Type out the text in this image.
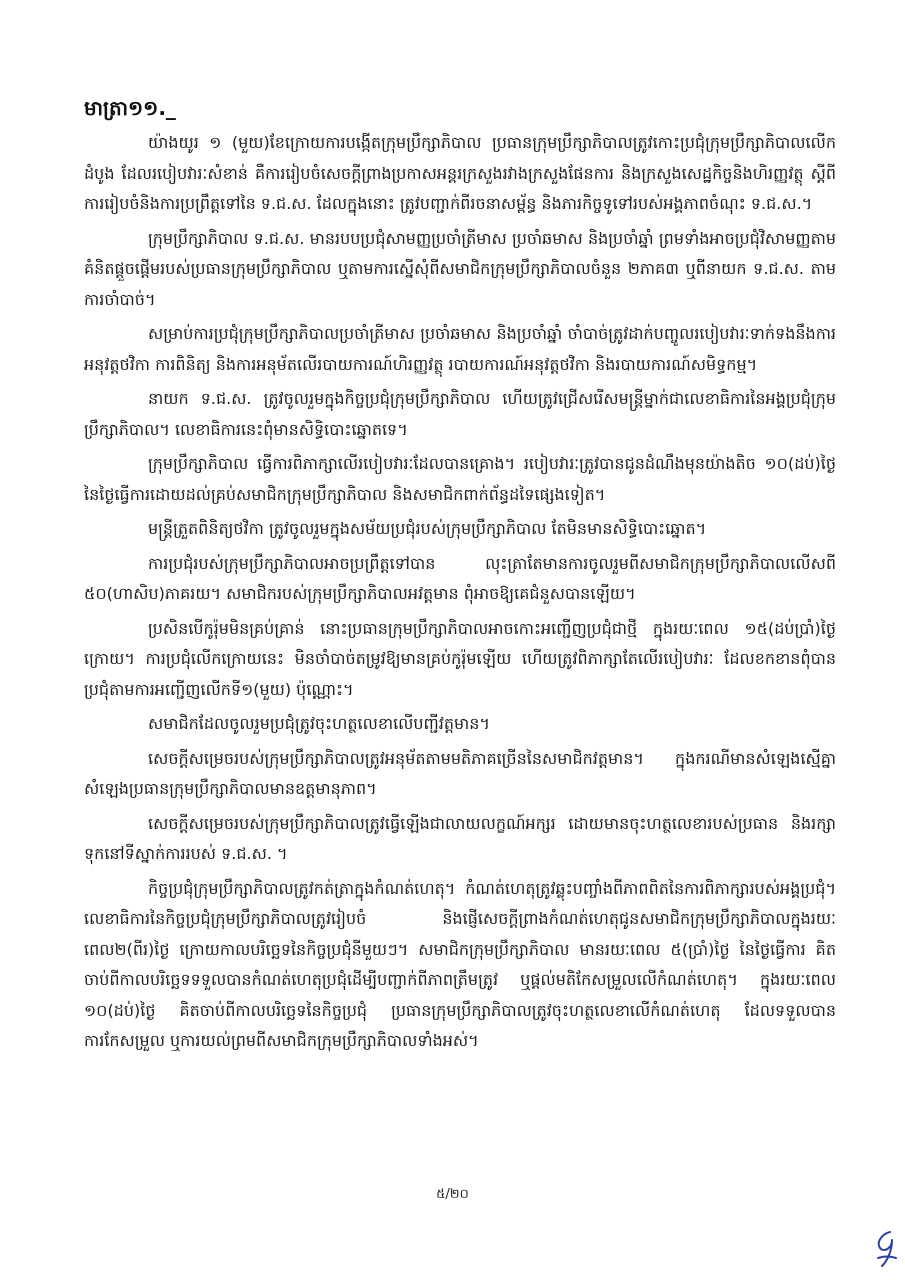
មាត្រា១១._

យ៉ាងយូរ ១ (មួយ)ខែក្រោយការបង្កើតក្រុមប្រឹក្សាភិបាល ប្រធានក្រុមប្រឹក្សាភិបាលត្រូវកោះប្រជុំក្រុមប្រឹក្សាភិបាលលើកដំបូង ដែលរបៀបវារៈសំខាន់ គឺការរៀបចំសេចក្តីព្រាងប្រកាសអន្តរក្រសួងរវាងក្រសួងផែនការ និងក្រសួងសេដ្ឋកិច្ចនិងហិរញ្ញវត្ថុ ស្តីពីការរៀបចំនិងការប្រព្រឹត្តទៅនៃ ទ.ជ.ស. ដែលក្នុងនោះ ត្រូវបញ្ជាក់ពីរចនាសម្ព័ន្ធ និងភារកិច្ចទូទៅរបស់អង្គភាពចំណុះ ទ.ជ.ស.។

ក្រុមប្រឹក្សាភិបាល ទ.ជ.ស. មានរបបប្រជុំសាមញ្ញប្រចាំត្រីមាស ប្រចាំឆមាស និងប្រចាំឆ្នាំ ព្រមទាំងអាចប្រជុំវិសាមញ្ញតាមគំនិតផ្តួចផ្តើមរបស់ប្រធានក្រុមប្រឹក្សាភិបាល ឬតាមការស្នើសុំពីសមាជិកក្រុមប្រឹក្សាភិបាលចំនួន ២ភាគ៣ ឬពីនាយក ទ.ជ.ស. តាមការចាំបាច់។

សម្រាប់ការប្រជុំក្រុមប្រឹក្សាភិបាលប្រចាំត្រីមាស ប្រចាំឆមាស និងប្រចាំឆ្នាំ ចាំបាច់ត្រូវដាក់បញ្ចូលរបៀបវារៈទាក់ទងនឹងការអនុវត្តថវិកា ការពិនិត្យ និងការអនុម័តលើរបាយការណ៍ហិរញ្ញវត្ថុ របាយការណ៍អនុវត្តថវិកា និងរបាយការណ៍សមិទ្ធកម្ម។

នាយក ទ.ជ.ស. ត្រូវចូលរួមក្នុងកិច្ចប្រជុំក្រុមប្រឹក្សាភិបាល ហើយត្រូវជ្រើសរើសមន្ត្រីម្នាក់ជាលេខាធិការនៃអង្គប្រជុំក្រុមប្រឹក្សាភិបាល។ លេខាធិការនេះពុំមានសិទ្ធិបោះឆ្នោតទេ។

ក្រុមប្រឹក្សាភិបាល ធ្វើការពិភាក្សាលើរបៀបវារៈដែលបានគ្រោង។ របៀបវារៈត្រូវបានជូនដំណឹងមុនយ៉ាងតិច ១០(ដប់)ថ្ងៃ នៃថ្ងៃធ្វើការដោយដល់គ្រប់សមាជិកក្រុមប្រឹក្សាភិបាល និងសមាជិកពាក់ព័ន្ធដទៃផ្សេងទៀត។

មន្ត្រីត្រួតពិនិត្យថវិកា ត្រូវចូលរួមក្នុងសម័យប្រជុំរបស់ក្រុមប្រឹក្សាភិបាល តែមិនមានសិទ្ធិបោះឆ្នោត។

ការប្រជុំរបស់ក្រុមប្រឹក្សាភិបាលអាចប្រព្រឹត្តទៅបាន លុះត្រាតែមានការចូលរួមពីសមាជិកក្រុមប្រឹក្សាភិបាលលើសពី ៥០(ហាសិប)ភាគរយ។ សមាជិករបស់ក្រុមប្រឹក្សាភិបាលអវត្តមាន ពុំអាចឱ្យគេជំនួសបានឡើយ។

ប្រសិនបើកូរ៉ុមមិនគ្រប់គ្រាន់ នោះប្រធានក្រុមប្រឹក្សាភិបាលអាចកោះអញ្ជើញប្រជុំជាថ្មី ក្នុងរយៈពេល ១៥(ដប់ប្រាំ)ថ្ងៃក្រោយ។ ការប្រជុំលើកក្រោយនេះ មិនចាំបាច់តម្រូវឱ្យមានគ្រប់កូរ៉ុមឡើយ ហើយត្រូវពិភាក្សាតែលើរបៀបវារៈ ដែលខកខានពុំបានប្រជុំតាមការអញ្ជើញលើកទី១(មួយ) ប៉ុណ្ណោះ។

សមាជិកដែលចូលរួមប្រជុំត្រូវចុះហត្ថលេខាលើបញ្ជីវត្តមាន។

សេចក្តីសម្រេចរបស់ក្រុមប្រឹក្សាភិបាលត្រូវអនុម័តតាមមតិភាគច្រើននៃសមាជិកវត្តមាន។ ក្នុងករណីមានសំឡេងស្មើគ្នា សំឡេងប្រធានក្រុមប្រឹក្សាភិបាលមានឧត្តមានុភាព។

សេចក្តីសម្រេចរបស់ក្រុមប្រឹក្សាភិបាលត្រូវធ្វើឡើងជាលាយលក្ខណ៍អក្សរ ដោយមានចុះហត្ថលេខារបស់ប្រធាន និងរក្សាទុកនៅទីស្នាក់ការរបស់ ទ.ជ.ស. ។

កិច្ចប្រជុំក្រុមប្រឹក្សាភិបាលត្រូវកត់ត្រាក្នុងកំណត់ហេតុ។ កំណត់ហេតុត្រូវឆ្លុះបញ្ចាំងពីភាពពិតនៃការពិភាក្សារបស់អង្គប្រជុំ។ លេខាធិការនៃកិច្ចប្រជុំក្រុមប្រឹក្សាភិបាលត្រូវរៀបចំ និងផ្ញើសេចក្តីព្រាងកំណត់ហេតុជូនសមាជិកក្រុមប្រឹក្សាភិបាលក្នុងរយៈពេល២(ពីរ)ថ្ងៃ ក្រោយកាលបរិច្ឆេទនៃកិច្ចប្រជុំនីមួយៗ។ សមាជិកក្រុមប្រឹក្សាភិបាល មានរយៈពេល ៥(ប្រាំ)ថ្ងៃ នៃថ្ងៃធ្វើការ គិតចាប់ពីកាលបរិច្ឆេទទទួលបានកំណត់ហេតុប្រជុំដើម្បីបញ្ជាក់ពីភាពត្រឹមត្រូវ ឬផ្តល់មតិកែសម្រួលលើកំណត់ហេតុ។ ក្នុងរយៈពេល ១០(ដប់)ថ្ងៃ គិតចាប់ពីកាលបរិច្ឆេទនៃកិច្ចប្រជុំ ប្រធានក្រុមប្រឹក្សាភិបាលត្រូវចុះហត្ថលេខាលើកំណត់ហេតុ ដែលទទួលបានការកែសម្រួល ឬការយល់ព្រមពីសមាជិកក្រុមប្រឹក្សាភិបាលទាំងអស់។

៥/២០
